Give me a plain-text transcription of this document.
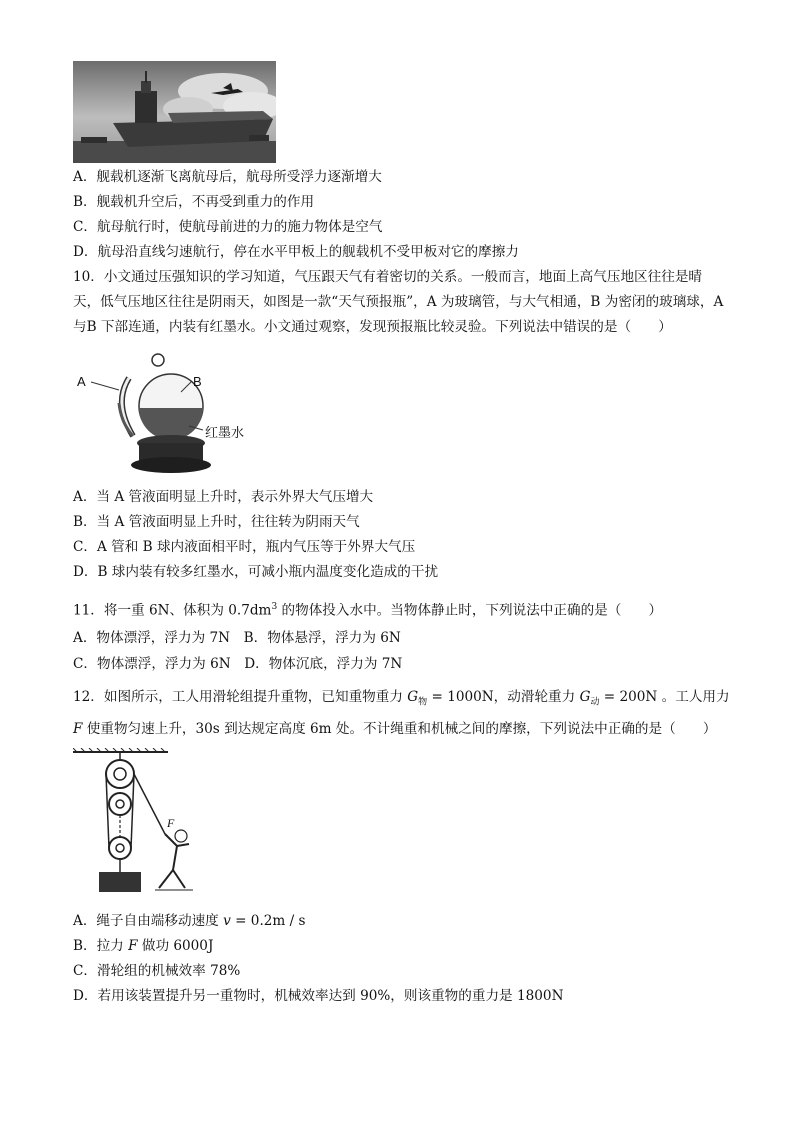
A．舰载机逐渐飞离航母后，航母所受浮力逐渐增大
B．舰载机升空后，不再受到重力的作用
C．航母航行时，使航母前进的力的施力物体是空气
D．航母沿直线匀速航行，停在水平甲板上的舰载机不受甲板对它的摩擦力
10．小文通过压强知识的学习知道，气压跟天气有着密切的关系。一般而言，地面上高气压地区往往是晴
天，低气压地区往往是阴雨天，如图是一款“天气预报瓶”，A 为玻璃管，与大气相通，B 为密闭的玻璃球，A
与B 下部连通，内装有红墨水。小文通过观察，发现预报瓶比较灵验。下列说法中错误的是（　　）
A	B
红墨水
A．当 A 管液面明显上升时，表示外界大气压增大
B．当 A 管液面明显上升时，往往转为阴雨天气
C．A 管和 B 球内液面相平时，瓶内气压等于外界大气压
D．B 球内装有较多红墨水，可减小瓶内温度变化造成的干扰
11．将一重 6N、体积为 $0.7dm^3$ 的物体投入水中。当物体静止时，下列说法中正确的是（　　）
A．物体漂浮，浮力为 7N　B．物体悬浮，浮力为 6N
C．物体漂浮，浮力为 6N　D．物体沉底，浮力为 7N
12．如图所示，工人用滑轮组提升重物，已知重物重力 $G_物 = 1000N$，动滑轮重力 $G_动 = 200N$ 。工人用力
F 使重物匀速上升，30s 到达规定高度 6m 处。不计绳重和机械之间的摩擦，下列说法中正确的是（　　）
F
A．绳子自由端移动速度 v = 0.2m / s
B．拉力 F 做功 6000J
C．滑轮组的机械效率 78%
D．若用该装置提升另一重物时，机械效率达到 90%，则该重物的重力是 1800N
